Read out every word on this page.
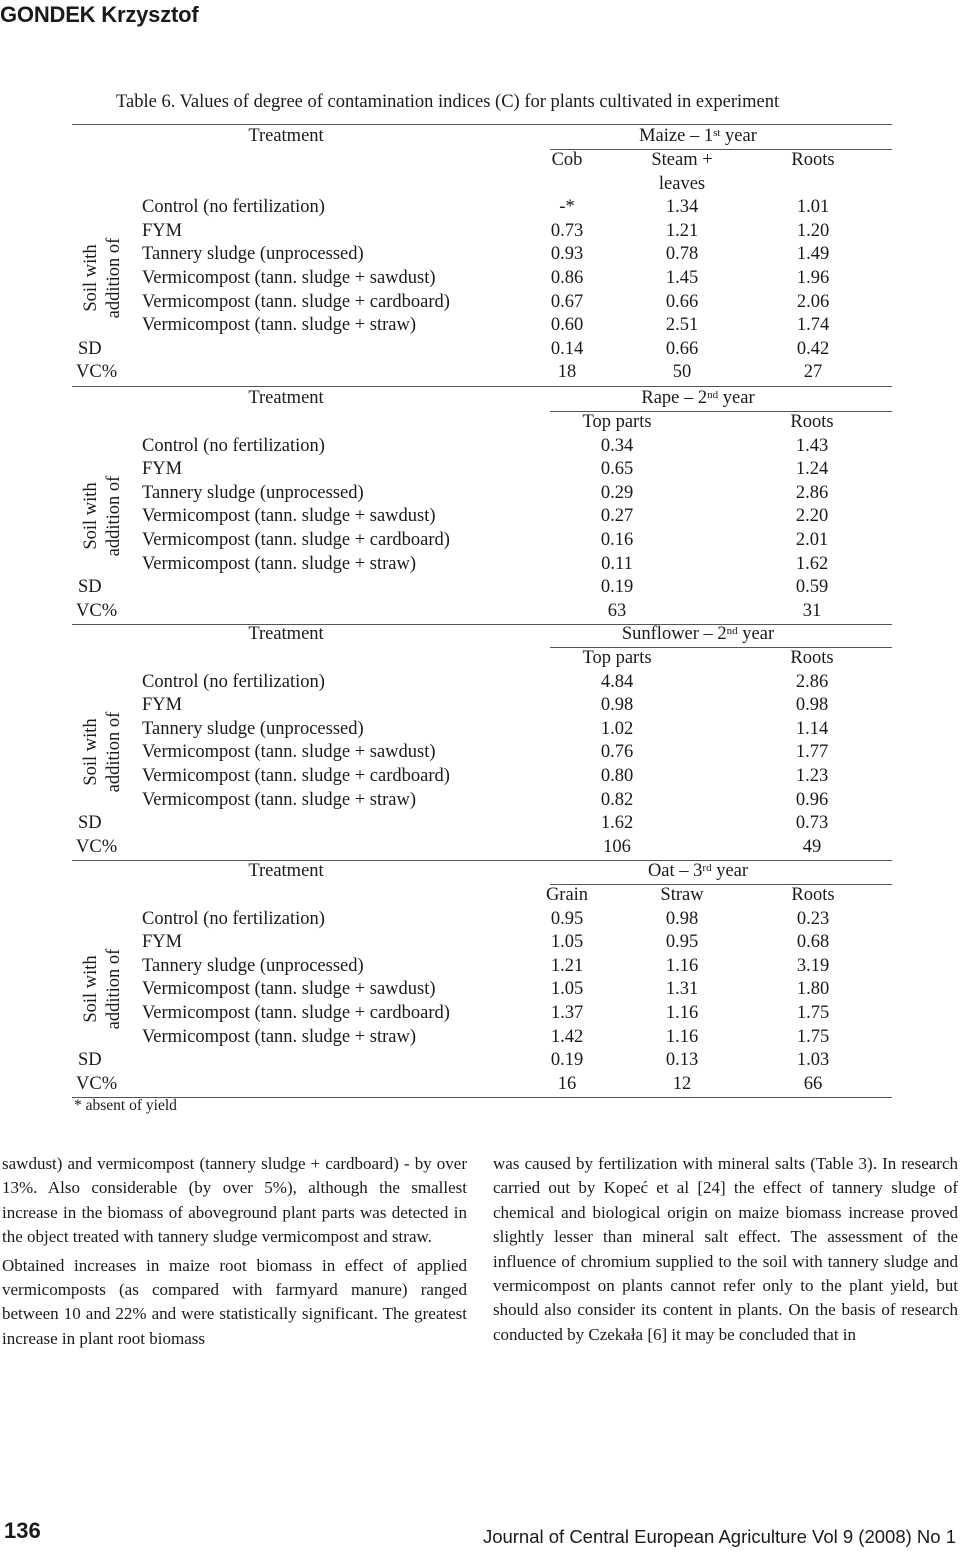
GONDEK Krzysztof
Table 6. Values of degree of contamination indices (C) for plants cultivated in experiment
Treatment	Maize – 1st year
Cob	Steam +	Roots
leaves
Soil with addition of
Control (no fertilization)	-*	1.34	1.01
FYM	0.73	1.21	1.20
Tannery sludge (unprocessed)	0.93	0.78	1.49
Vermicompost (tann. sludge + sawdust)	0.86	1.45	1.96
Vermicompost (tann. sludge + cardboard)	0.67	0.66	2.06
Vermicompost (tann. sludge + straw)	0.60	2.51	1.74
SD	0.14	0.66	0.42
VC%	18	50	27
Treatment	Rape – 2nd year
Top parts	Roots
Soil with addition of
Control (no fertilization)	0.34	1.43
FYM	0.65	1.24
Tannery sludge (unprocessed)	0.29	2.86
Vermicompost (tann. sludge + sawdust)	0.27	2.20
Vermicompost (tann. sludge + cardboard)	0.16	2.01
Vermicompost (tann. sludge + straw)	0.11	1.62
SD	0.19	0.59
VC%	63	31
Treatment	Sunflower – 2nd year
Top parts	Roots
Soil with addition of
Control (no fertilization)	4.84	2.86
FYM	0.98	0.98
Tannery sludge (unprocessed)	1.02	1.14
Vermicompost (tann. sludge + sawdust)	0.76	1.77
Vermicompost (tann. sludge + cardboard)	0.80	1.23
Vermicompost (tann. sludge + straw)	0.82	0.96
SD	1.62	0.73
VC%	106	49
Treatment	Oat – 3rd year
Grain	Straw	Roots
Soil with addition of
Control (no fertilization)	0.95	0.98	0.23
FYM	1.05	0.95	0.68
Tannery sludge (unprocessed)	1.21	1.16	3.19
Vermicompost (tann. sludge + sawdust)	1.05	1.31	1.80
Vermicompost (tann. sludge + cardboard)	1.37	1.16	1.75
Vermicompost (tann. sludge + straw)	1.42	1.16	1.75
SD	0.19	0.13	1.03
VC%	16	12	66
* absent of yield

sawdust) and vermicompost (tannery sludge + cardboard) - by over 13%. Also considerable (by over 5%), although the smallest increase in the biomass of aboveground plant parts was detected in the object treated with tannery sludge vermicompost and straw.

Obtained increases in maize root biomass in effect of applied vermicomposts (as compared with farmyard manure) ranged between 10 and 22% and were statistically significant. The greatest increase in plant root biomass

was caused by fertilization with mineral salts (Table 3). In research carried out by Kopeć et al [24] the effect of tannery sludge of chemical and biological origin on maize biomass increase proved slightly lesser than mineral salt effect. The assessment of the influence of chromium supplied to the soil with tannery sludge and vermicompost on plants cannot refer only to the plant yield, but should also consider its content in plants. On the basis of research conducted by Czekała [6] it may be concluded that in

136	Journal of Central European Agriculture Vol 9 (2008) No 1
